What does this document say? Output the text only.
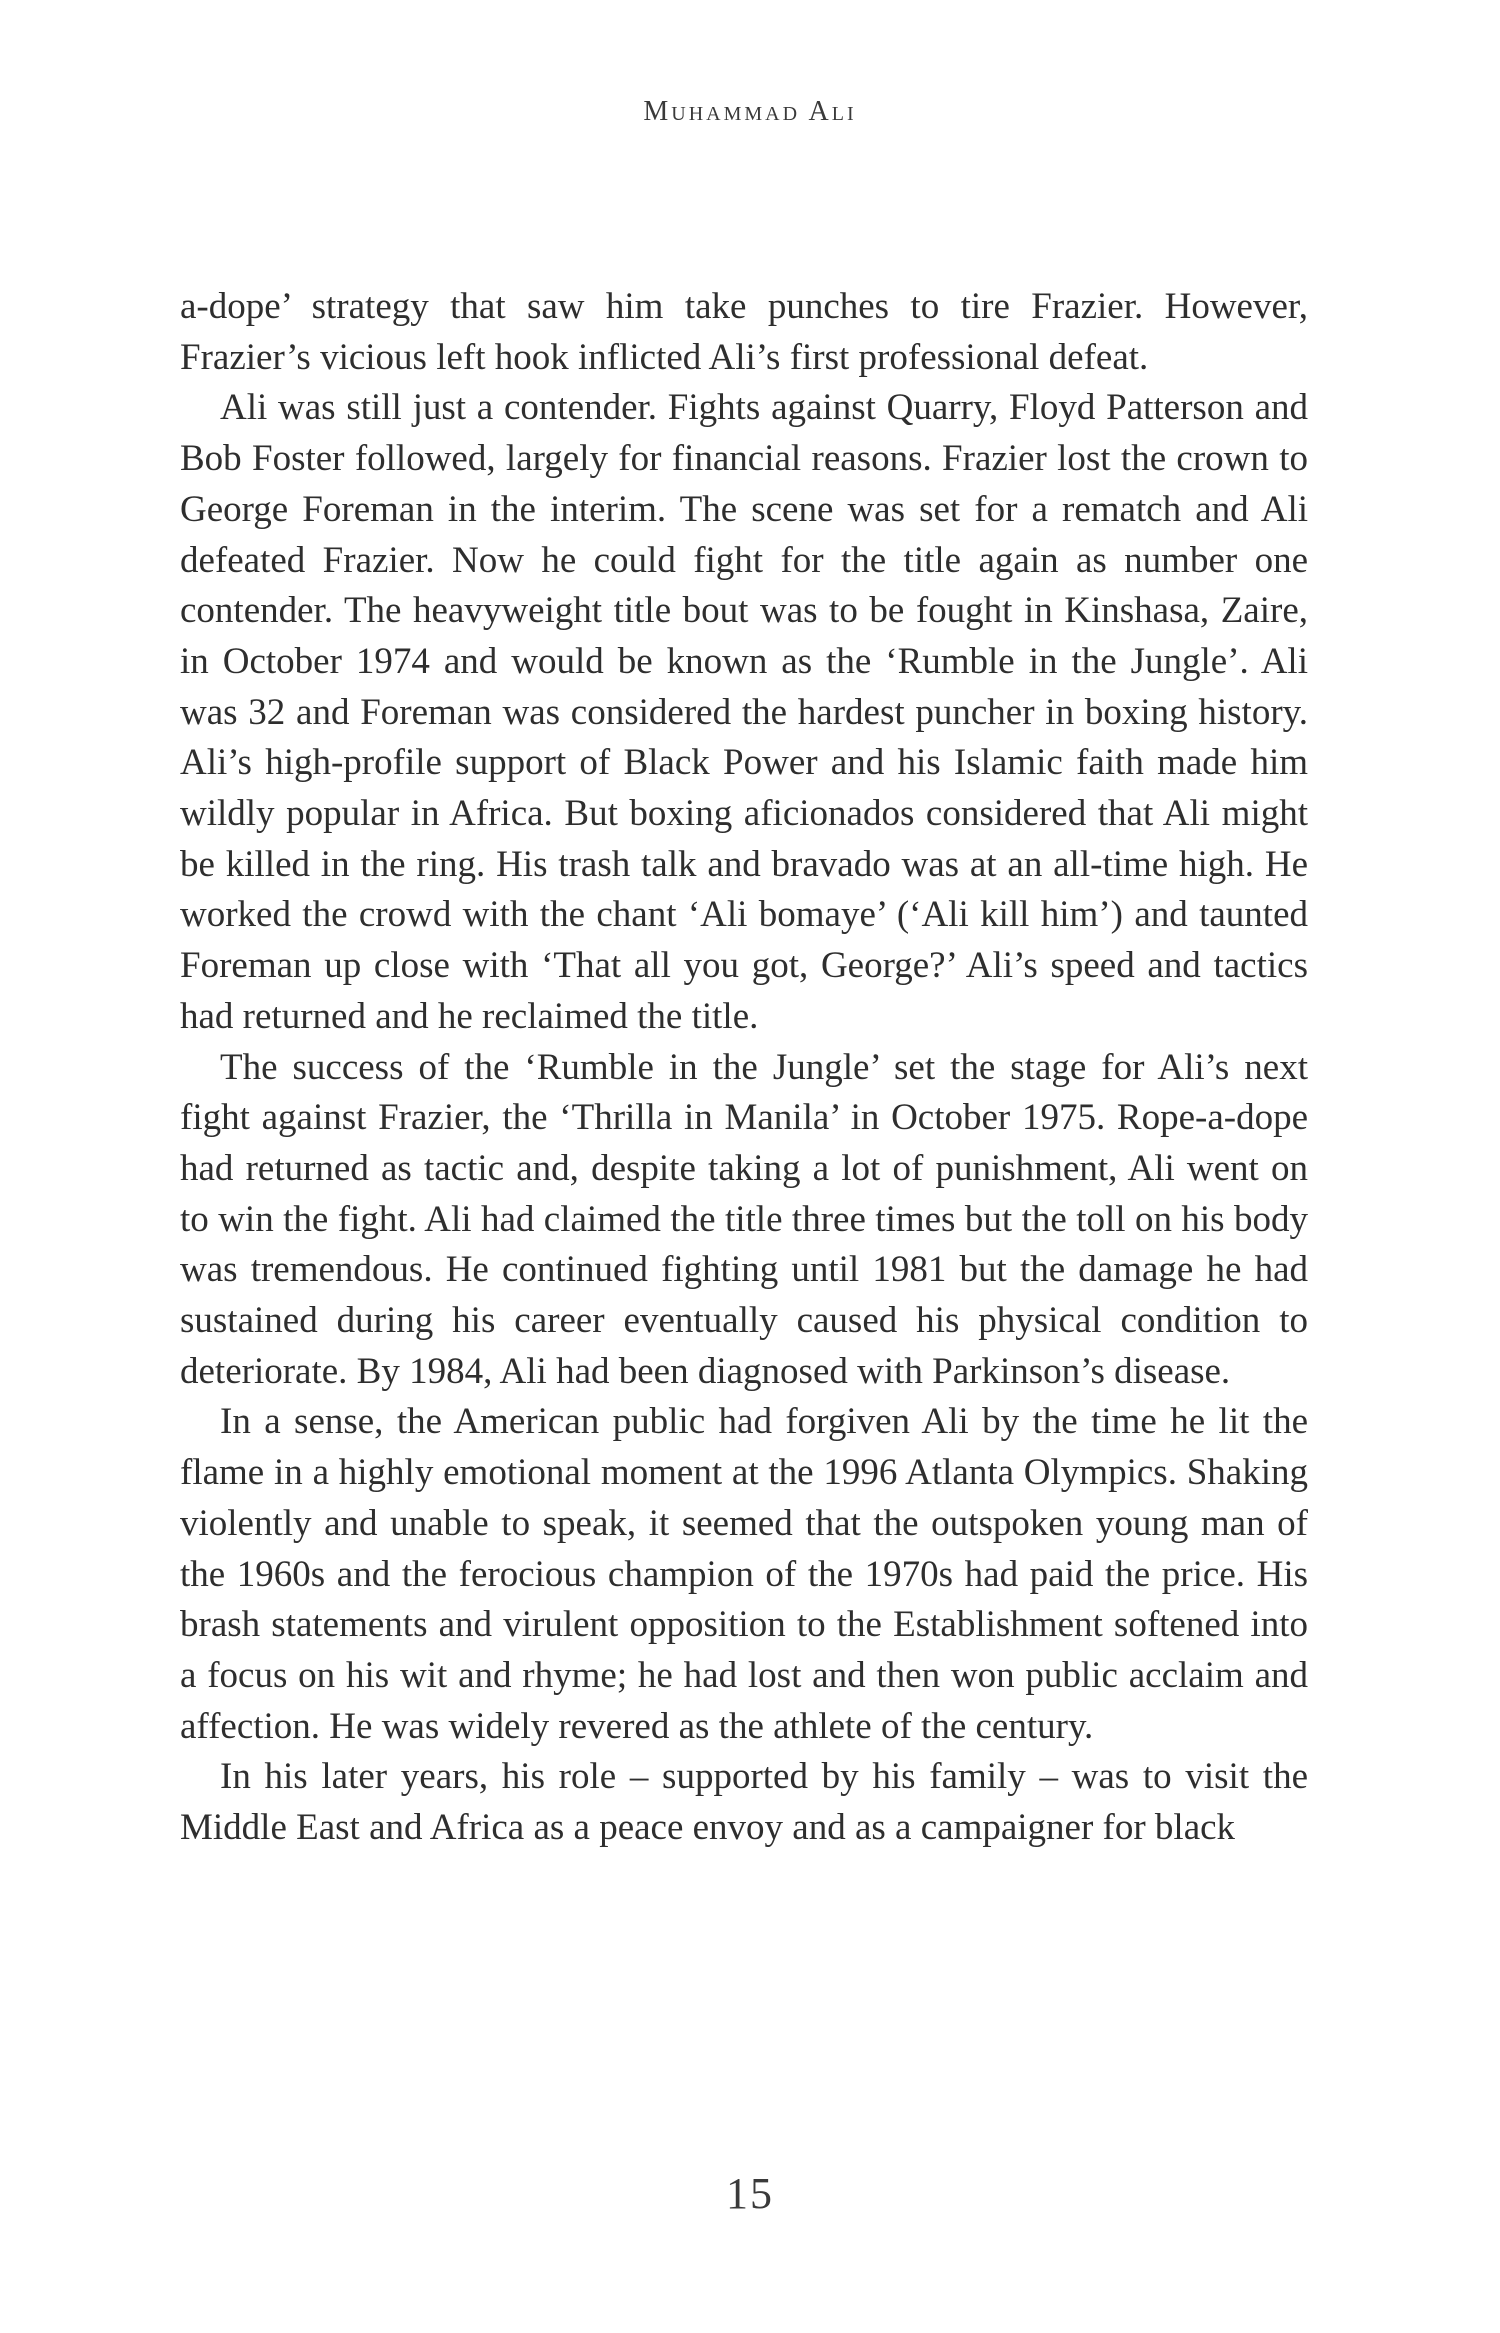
Muhammad Ali

a-dope’ strategy that saw him take punches to tire Frazier. However, Frazier’s vicious left hook inflicted Ali’s first professional defeat.

Ali was still just a contender. Fights against Quarry, Floyd Patterson and Bob Foster followed, largely for financial reasons. Frazier lost the crown to George Foreman in the interim. The scene was set for a rematch and Ali defeated Frazier. Now he could fight for the title again as number one contender. The heavyweight title bout was to be fought in Kinshasa, Zaire, in October 1974 and would be known as the ‘Rumble in the Jungle’. Ali was 32 and Foreman was considered the hardest puncher in boxing history. Ali’s high-profile support of Black Power and his Islamic faith made him wildly popular in Africa. But boxing aficionados considered that Ali might be killed in the ring. His trash talk and bravado was at an all-time high. He worked the crowd with the chant ‘Ali bomaye’ (‘Ali kill him’) and taunted Foreman up close with ‘That all you got, George?’ Ali’s speed and tactics had returned and he reclaimed the title.

The success of the ‘Rumble in the Jungle’ set the stage for Ali’s next fight against Frazier, the ‘Thrilla in Manila’ in October 1975. Rope-a-dope had returned as tactic and, despite taking a lot of punishment, Ali went on to win the fight. Ali had claimed the title three times but the toll on his body was tremendous. He continued fighting until 1981 but the damage he had sustained during his career eventually caused his physical condition to deteriorate. By 1984, Ali had been diagnosed with Parkinson’s disease.

In a sense, the American public had forgiven Ali by the time he lit the flame in a highly emotional moment at the 1996 Atlanta Olympics. Shaking violently and unable to speak, it seemed that the outspoken young man of the 1960s and the ferocious champion of the 1970s had paid the price. His brash statements and virulent opposition to the Establishment softened into a focus on his wit and rhyme; he had lost and then won public acclaim and affection. He was widely revered as the athlete of the century.

In his later years, his role – supported by his family – was to visit the Middle East and Africa as a peace envoy and as a campaigner for black

15
